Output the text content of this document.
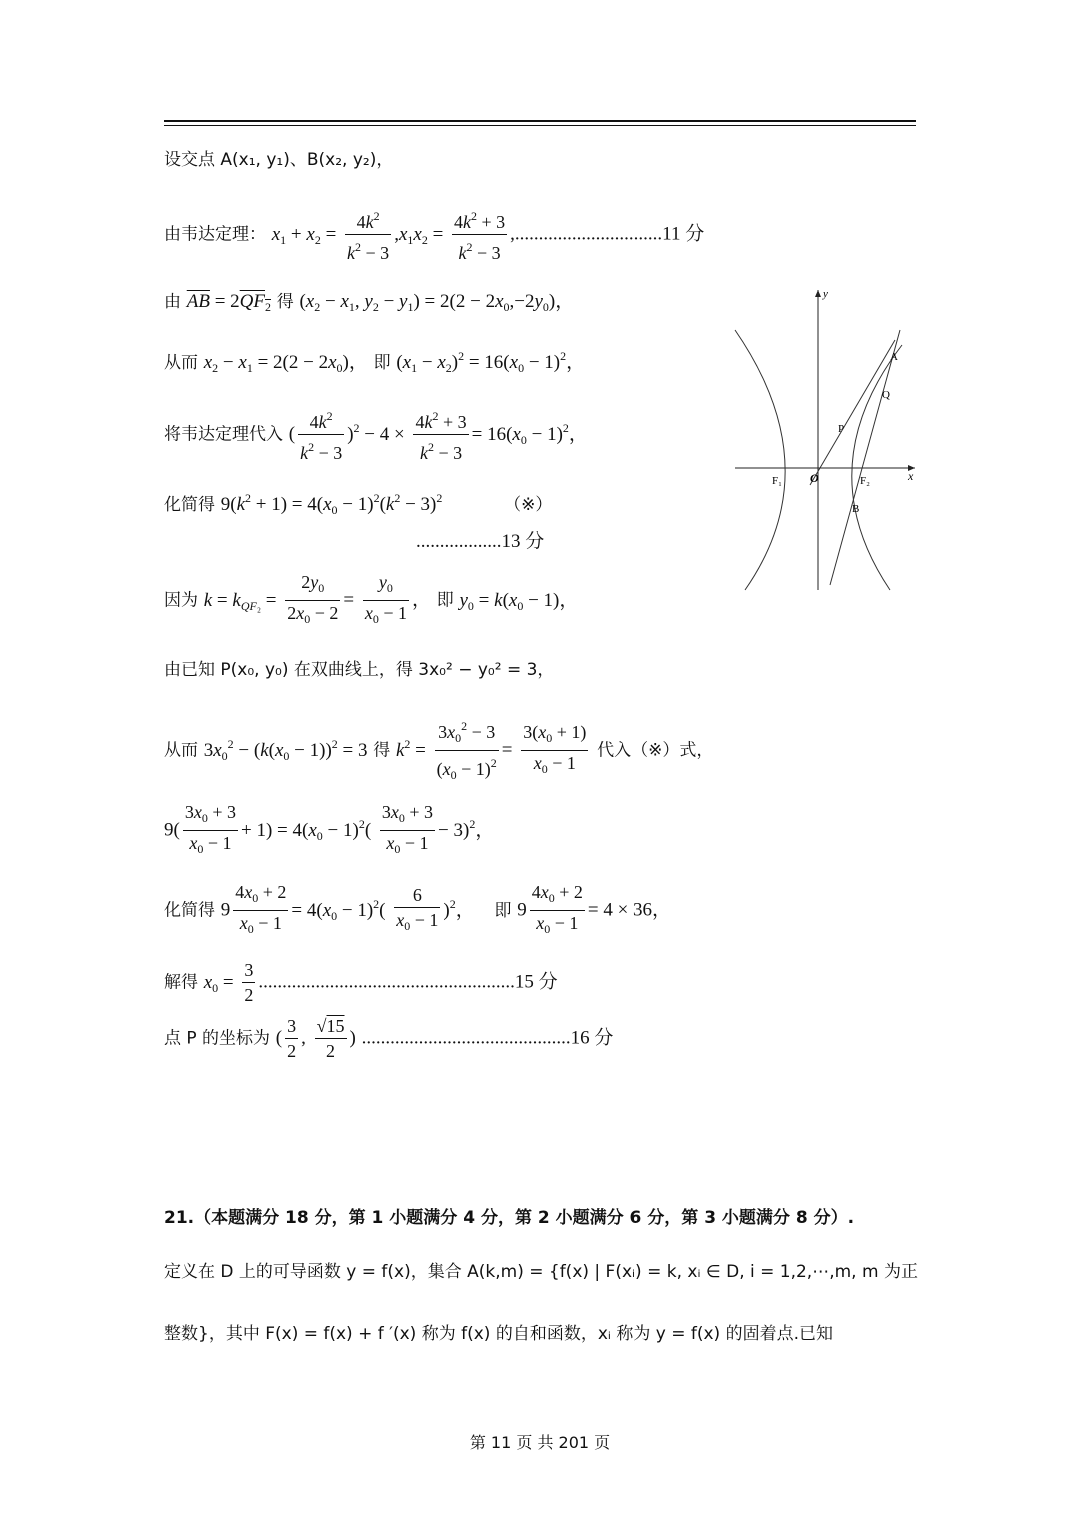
设交点 A(x₁, y₁)、B(x₂, y₂)，
由韦达定理： $x_1 + x_2 = \frac{4k^2}{k^2 - 3} ,x_1x_2 = \frac{4k^2 + 3}{k^2 - 3} ,...............................11$ 分
由 $\overline{AB} = 2QF_2$ 得 ($x_2 - x_1$, $y_2 - y_1) = 2(2 - 2x_0,-2y_0)$，
从而 $x_2 - x_1 = 2(2 - 2x_0)$， 即 $(x_1 - x_2)^2 = 16(x_0 - 1)^2$，
将韦达定理代入 ( $\frac{4k^2}{k^2 - 3} )^2 - 4 \times \frac{4k^2 + 3}{k^2 - 3} = 16(x_0 - 1)^2$，
化简得 $9(k^2 + 1) = 4(x_0 - 1)^2(k^2 - 3)^2$	（※）
..................13 分
因为 $k = k_{QF_2} = \frac{2y_0}{2x_0 - 2} = \frac{y_0}{x_0 - 1}$ ， 即 $y_0 = k(x_0 - 1)$，
由已知 P(x₀, y₀) 在双曲线上，得 3x₀² − y₀² = 3，
从而 $3x_0^2 - (k(x_0 - 1))^2 = 3$ 得 $k^2 = \frac{3x_0^2 - 3}{(x_0 - 1)^2} = \frac{3(x_0 + 1)}{x_0 - 1}$ 代入（※）式，
$9( \frac{3x_0 + 3}{x_0 - 1} + 1) = 4(x_0 - 1)^2( \frac{3x_0 + 3}{x_0 - 1} - 3)^2$，
化简得 $9 \frac{4x_0 + 2}{x_0 - 1} = 4(x_0 - 1)^2( \frac{6}{x_0 - 1} )^2$， 即 $9 \frac{4x_0 + 2}{x_0 - 1} = 4 \times 36$，
解得 $x_0 = \frac{3}{2} ......................................................15$ 分
点 P 的坐标为 ( $\frac{3}{2}$ , $\frac{√15}{2}$ ) ............................................16 分
21.（本题满分 18 分，第 1 小题满分 4 分，第 2 小题满分 6 分，第 3 小题满分 8 分）.
定义在 D 上的可导函数 y = f(x)，集合 A(k,m) = {f(x) | F(xᵢ) = k, xᵢ ∈ D, i = 1,2,⋯,m, m 为正
整数}，其中 F(x) = f(x) + f ′(x) 称为 f(x) 的自和函数，xᵢ 称为 y = f(x) 的固着点.已知
y
x
O
F₁	F₂
A
Q
P
B
第 11 页 共 201 页
